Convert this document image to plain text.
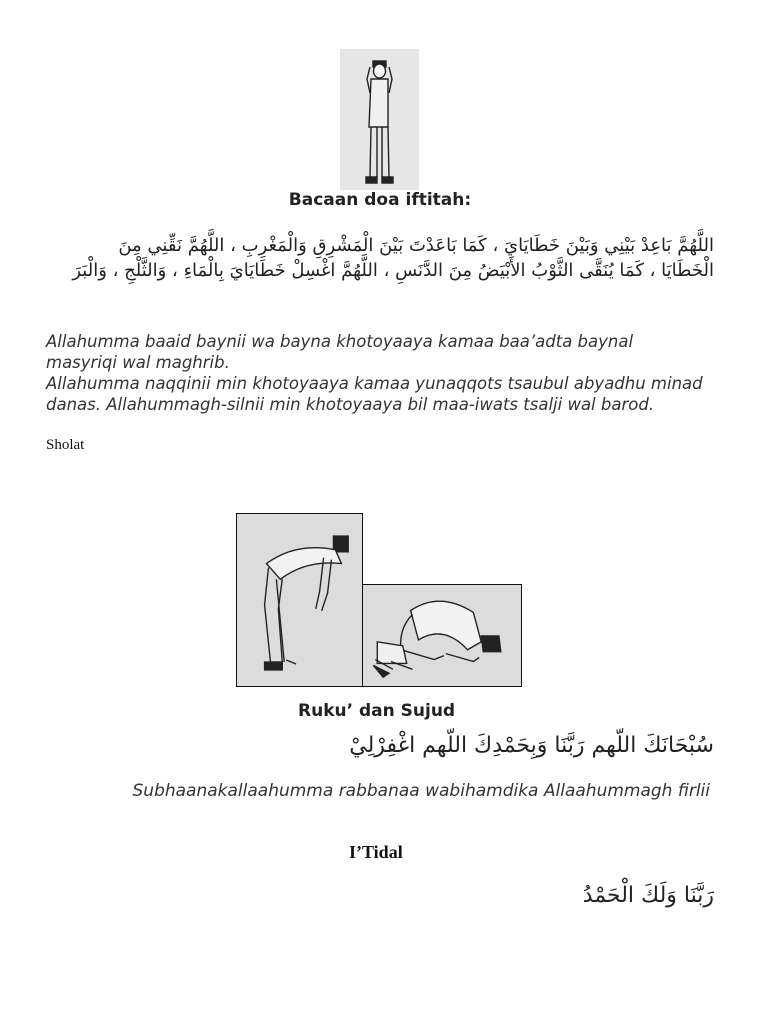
Bacaan doa iftitah:
اللَّهُمَّ بَاعِدْ بَيْنِي وَبَيْنَ خَطَايَايَ ، كَمَا بَاعَدْتَ بَيْنَ الْمَشْرِقِ وَالْمَغْرِبِ ، اللَّهُمَّ نَقِّنِي مِنَ الْخَطَايَا ، كَمَا يُنَقَّى الثَّوْبُ الأَبْيَضُ مِنَ الدَّنَسِ ، اللَّهُمَّ اغْسِلْ خَطَايَايَ بِالْمَاءِ ، وَالثَّلْجِ ، وَالْبَرَ
Allahumma baaid baynii wa bayna khotoyaaya kamaa baa’adta baynal masyriqi wal maghrib.
Allahumma naqqinii min khotoyaaya kamaa yunaqqots tsaubul abyadhu minad danas. Allahummagh-silnii min khotoyaaya bil maa-iwats tsalji wal barod.
Sholat
Ruku’ dan Sujud
سُبْحَانَكَ اللّهم رَبَّنَا وَبِحَمْدِكَ اللّهم اغْفِرْلِيْ
Subhaanakallaahumma rabbanaa wabihamdika Allaahummagh firlii
I’Tidal
رَبَّنَا وَلَكَ الْحَمْدُ
